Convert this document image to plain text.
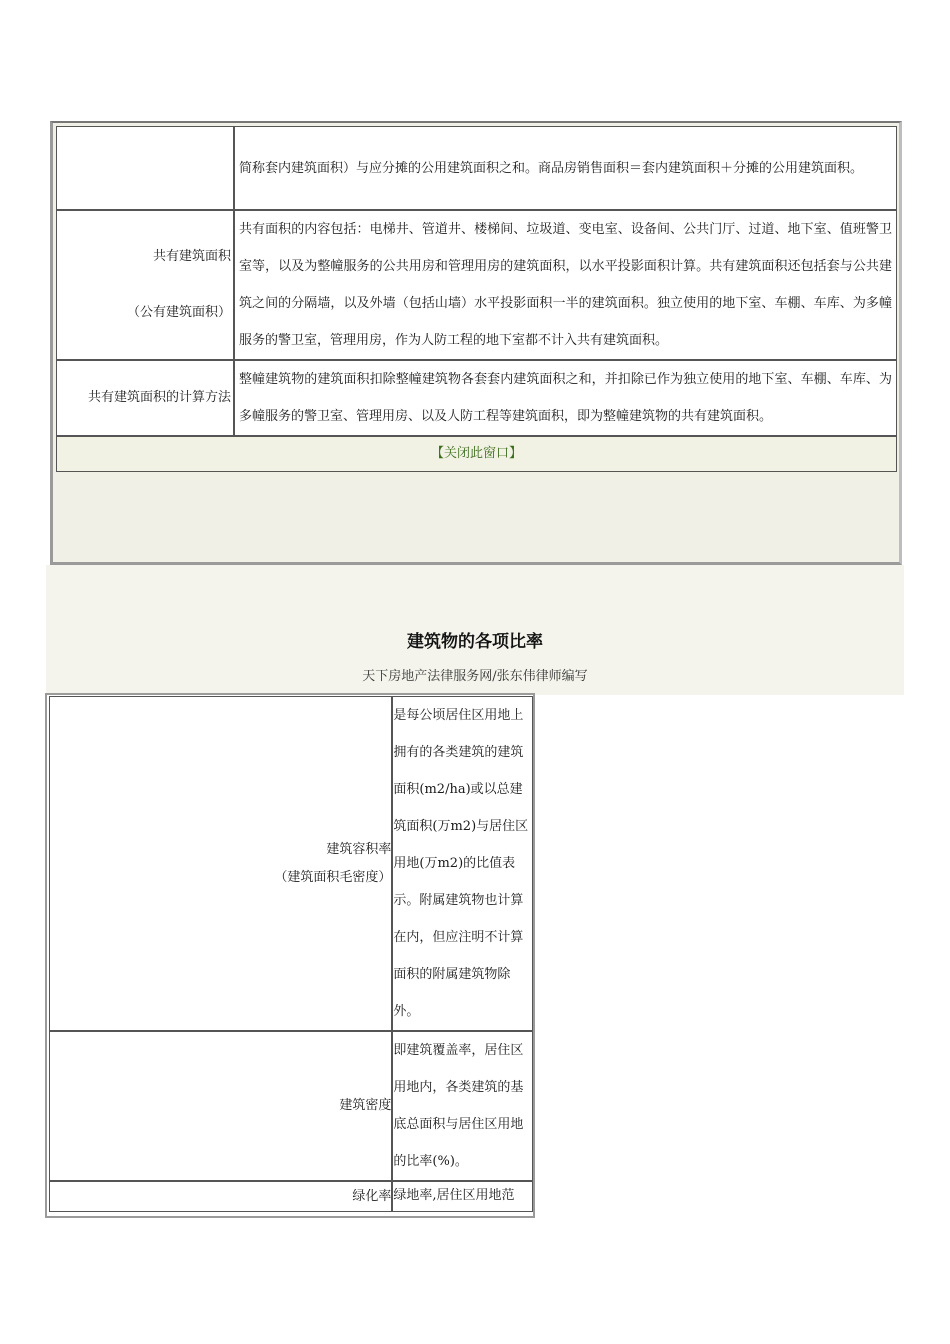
	简称套内建筑面积）与应分摊的公用建筑面积之和。商品房销售面积＝套内建筑面积＋分摊的公用建筑面积。

共有建筑面积
（公有建筑面积）	共有面积的内容包括：电梯井、管道井、楼梯间、垃圾道、变电室、设备间、公共门厅、过道、地下室、值班警卫室等，以及为整幢服务的公共用房和管理用房的建筑面积，以水平投影面积计算。共有建筑面积还包括套与公共建筑之间的分隔墙，以及外墙（包括山墙）水平投影面积一半的建筑面积。独立使用的地下室、车棚、车库、为多幢服务的警卫室，管理用房，作为人防工程的地下室都不计入共有建筑面积。

共有建筑面积的计算方法	整幢建筑物的建筑面积扣除整幢建筑物各套套内建筑面积之和，并扣除已作为独立使用的地下室、车棚、车库、为多幢服务的警卫室、管理用房、以及人防工程等建筑面积，即为整幢建筑物的共有建筑面积。
【关闭此窗口】	
建筑物的各项比率
天下房地产法律服务网/张东伟律师编写
建筑容积率
（建筑面积毛密度）	是每公顷居住区用地上拥有的各类建筑的建筑面积(m2/ha)或以总建筑面积(万m2)与居住区用地(万m2)的比值表示。附属建筑物也计算在内，但应注明不计算面积的附属建筑物除外。

建筑密度	即建筑覆盖率，居住区用地内，各类建筑的基底总面积与居住区用地的比率(%)。

绿化率	绿地率,居住区用地范
